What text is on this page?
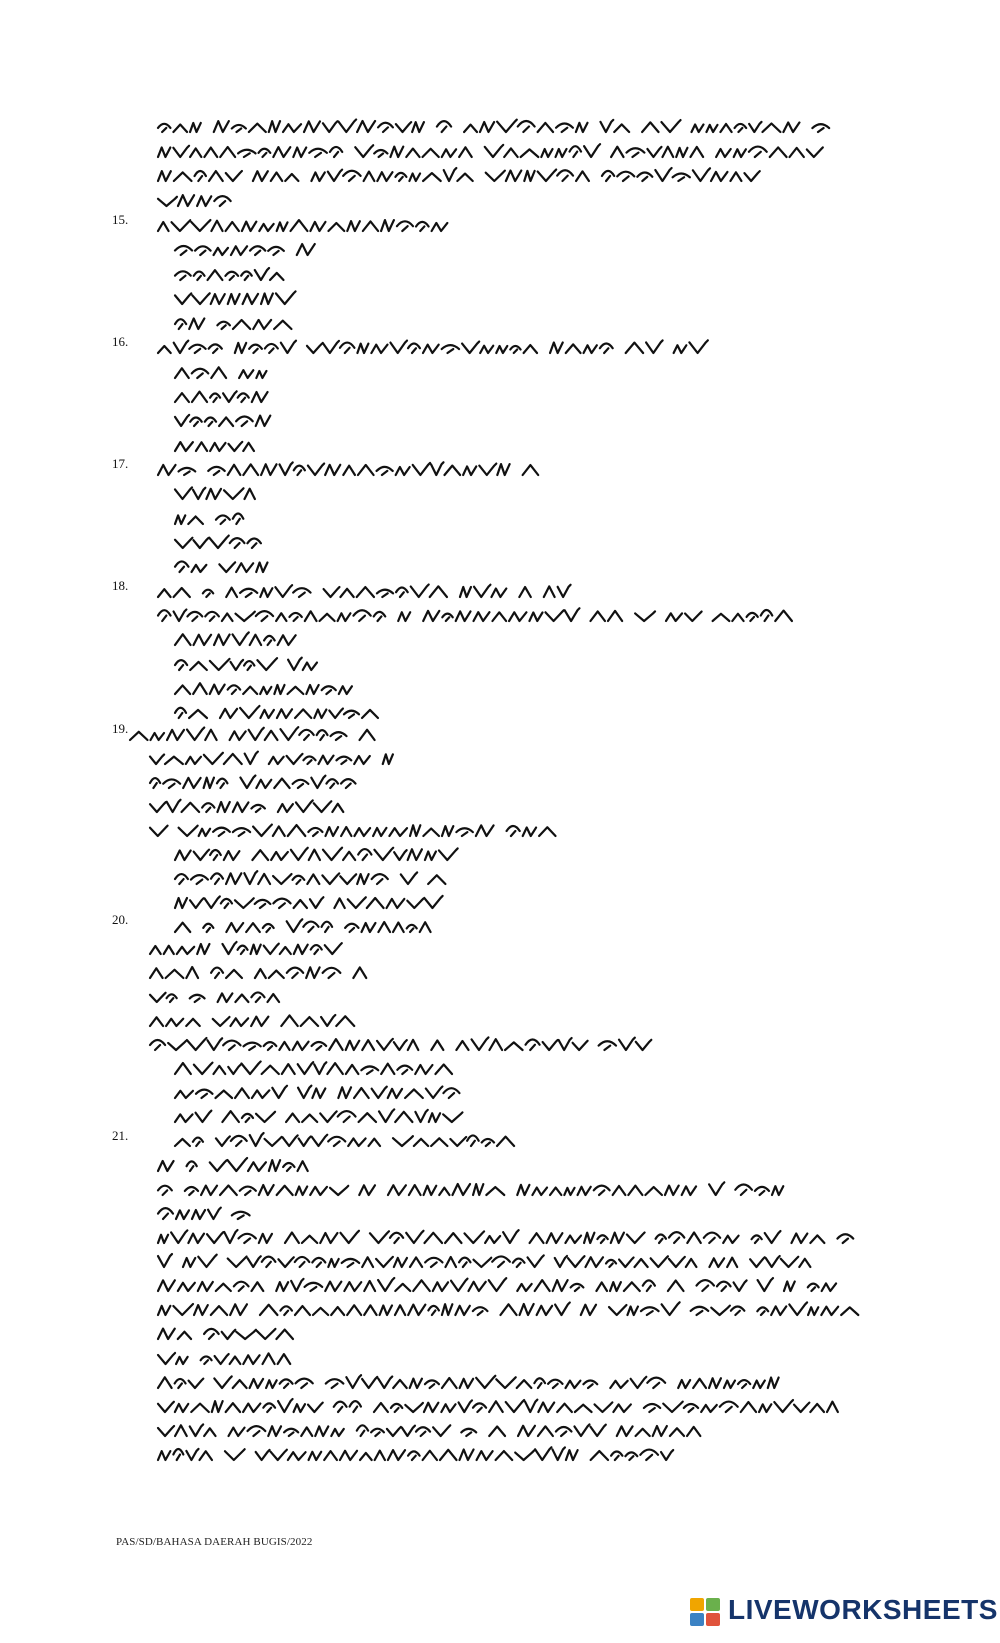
15.
16.
17.
18.
19.
20.
21.
PAS/SD/BAHASA DAERAH BUGIS/2022
LIVEWORKSHEETS
